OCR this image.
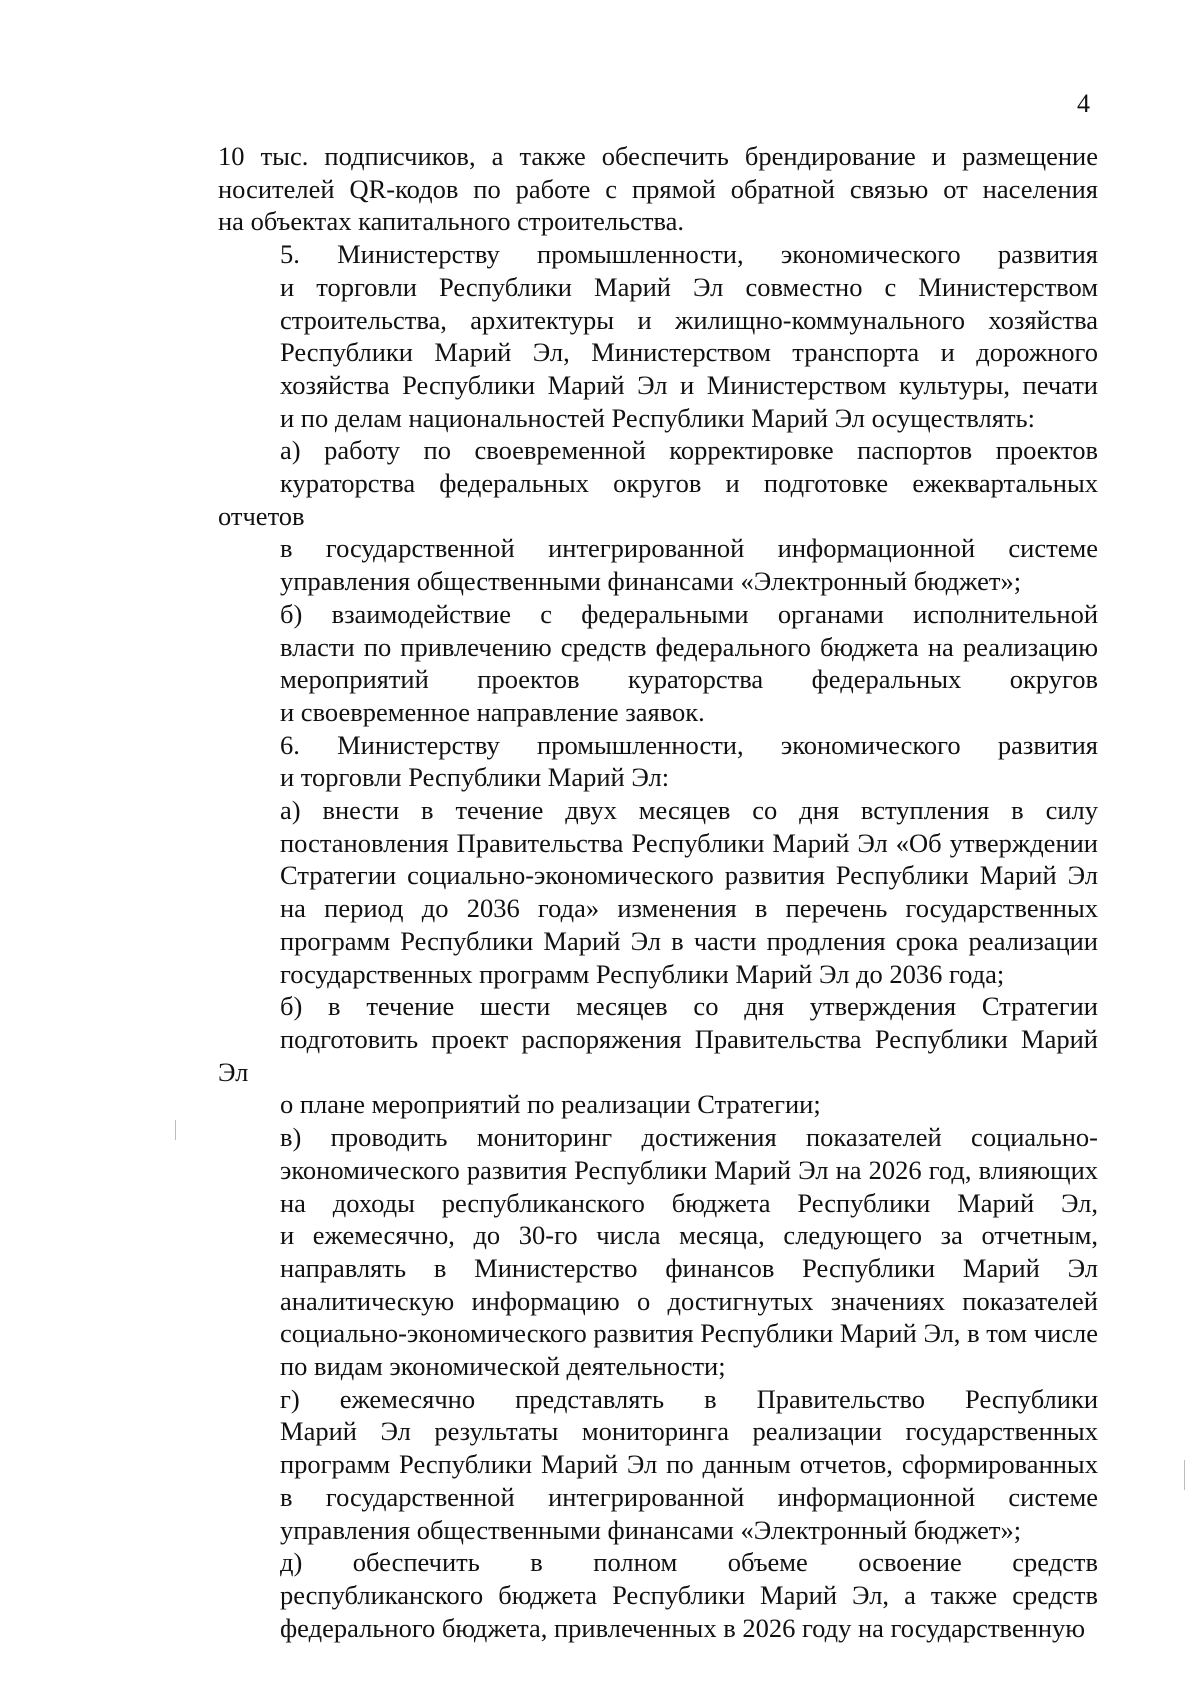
4

10 тыс. подписчиков, а также обеспечить брендирование и размещение
носителей QR-кодов по работе с прямой обратной связью от населения
на объектах капитального строительства.

5. Министерству промышленности, экономического развития
и торговли Республики Марий Эл совместно с Министерством
строительства, архитектуры и жилищно-коммунального хозяйства
Республики Марий Эл, Министерством транспорта и дорожного
хозяйства Республики Марий Эл и Министерством культуры, печати
и по делам национальностей Республики Марий Эл осуществлять:

а) работу по своевременной корректировке паспортов проектов
кураторства федеральных округов и подготовке ежеквартальных отчетов
в государственной интегрированной информационной системе
управления общественными финансами «Электронный бюджет»;

б) взаимодействие с федеральными органами исполнительной
власти по привлечению средств федерального бюджета на реализацию
мероприятий проектов кураторства федеральных округов
и своевременное направление заявок.

6. Министерству промышленности, экономического развития
и торговли Республики Марий Эл:

а) внести в течение двух месяцев со дня вступления в силу
постановления Правительства Республики Марий Эл «Об утверждении
Стратегии социально-экономического развития Республики Марий Эл
на период до 2036 года» изменения в перечень государственных
программ Республики Марий Эл в части продления срока реализации
государственных программ Республики Марий Эл до 2036 года;

б) в течение шести месяцев со дня утверждения Стратегии
подготовить проект распоряжения Правительства Республики Марий Эл
о плане мероприятий по реализации Стратегии;

в) проводить мониторинг достижения показателей социально-
экономического развития Республики Марий Эл на 2026 год, влияющих
на доходы республиканского бюджета Республики Марий Эл,
и ежемесячно, до 30-го числа месяца, следующего за отчетным,
направлять в Министерство финансов Республики Марий Эл
аналитическую информацию о достигнутых значениях показателей
социально-экономического развития Республики Марий Эл, в том числе
по видам экономической деятельности;

г) ежемесячно представлять в Правительство Республики
Марий Эл результаты мониторинга реализации государственных
программ Республики Марий Эл по данным отчетов, сформированных
в государственной интегрированной информационной системе
управления общественными финансами «Электронный бюджет»;

д) обеспечить в полном объеме освоение средств
республиканского бюджета Республики Марий Эл, а также средств
федерального бюджета, привлеченных в 2026 году на государственную
